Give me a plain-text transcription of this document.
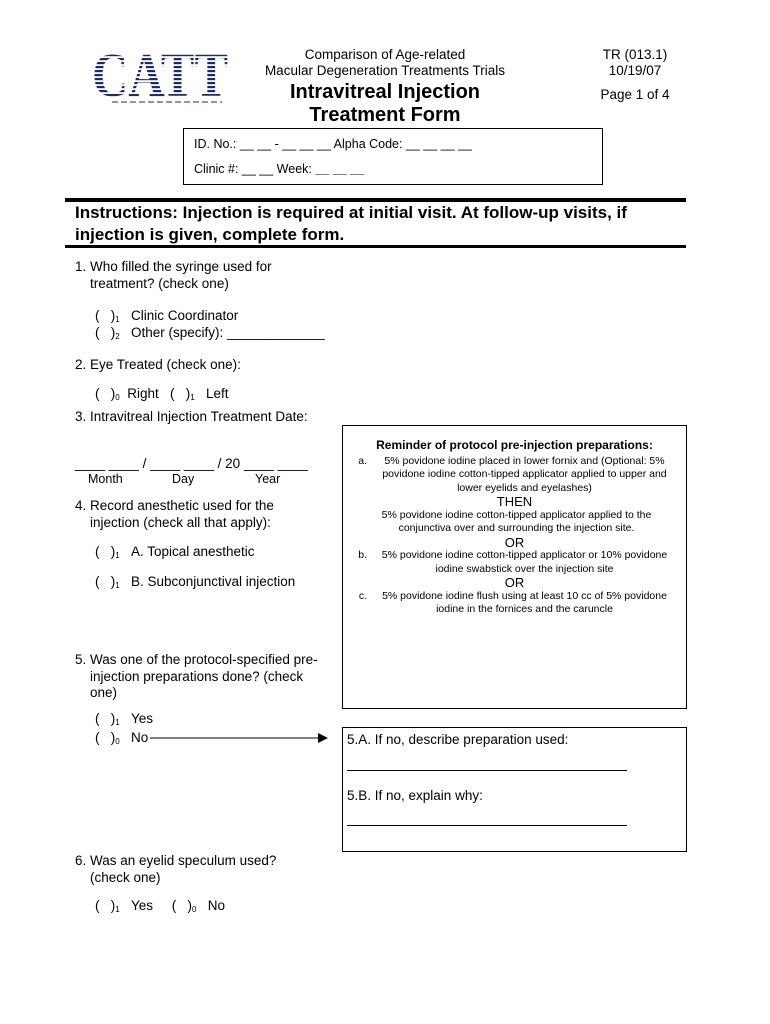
CATT	Comparison of Age-related
Macular Degeneration Treatments Trials
Intravitreal Injection
Treatment Form
TR (013.1)
10/19/07
Page 1 of 4
ID. No.: __ __ - __ __ __ Alpha Code: __ __ __ __
Clinic #: __ __ Week: __ __ __
Instructions: Injection is required at initial visit. At follow-up visits, if injection is given, complete form.
1. Who filled the syringe used for
treatment? (check one)
(   )$_1$ Clinic Coordinator
(   )$_2$ Other (specify): _____________
2. Eye Treated (check one):
(   )$_0$ Right   (   )$_1$ Left
3. Intravitreal Injection Treatment Date:
____ ____ / ____ ____ / 20 ____ ____
Month	Day	Year
4. Record anesthetic used for the
injection (check all that apply):
(   )$_1$ A. Topical anesthetic
(   )$_1$ B. Subconjunctival injection
Reminder of protocol pre-injection preparations:
a.	5% povidone iodine placed in lower fornix and (Optional: 5% povidone iodine cotton-tipped applicator applied to upper and lower eyelids and eyelashes)
THEN
5% povidone iodine cotton-tipped applicator applied to the conjunctiva over and surrounding the injection site.
OR
b.	5% povidone iodine cotton-tipped applicator or 10% povidone iodine swabstick over the injection site
OR
c.	5% povidone iodine flush using at least 10 cc of 5% povidone iodine in the fornices and the caruncle
5. Was one of the protocol-specified pre-
injection preparations done? (check
one)
(   )$_1$ Yes
(   )$_0$ No	5.A. If no, describe preparation used:
5.B. If no, explain why:
6. Was an eyelid speculum used?
(check one)
(   )$_1$ Yes     (   )$_0$ No
